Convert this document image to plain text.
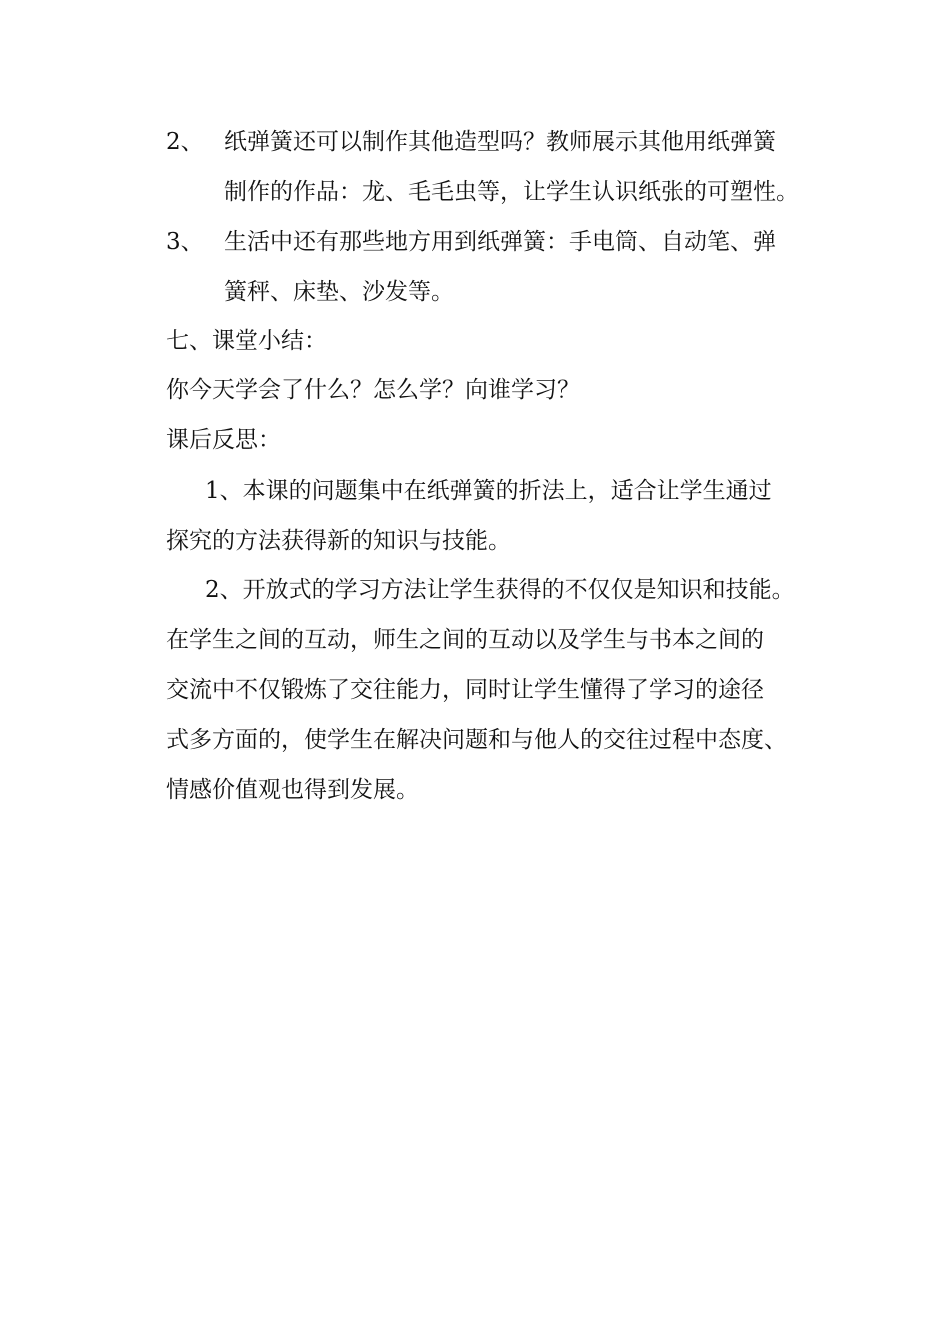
2、 纸弹簧还可以制作其他造型吗？教师展示其他用纸弹簧
制作的作品：龙、毛毛虫等，让学生认识纸张的可塑性。
3、 生活中还有那些地方用到纸弹簧：手电筒、自动笔、弹
簧秤、床垫、沙发等。
七、课堂小结：
你今天学会了什么？怎么学？向谁学习？
课后反思：
1、本课的问题集中在纸弹簧的折法上，适合让学生通过
探究的方法获得新的知识与技能。
2、开放式的学习方法让学生获得的不仅仅是知识和技能。
在学生之间的互动，师生之间的互动以及学生与书本之间的
交流中不仅锻炼了交往能力，同时让学生懂得了学习的途径
式多方面的，使学生在解决问题和与他人的交往过程中态度、
情感价值观也得到发展。
